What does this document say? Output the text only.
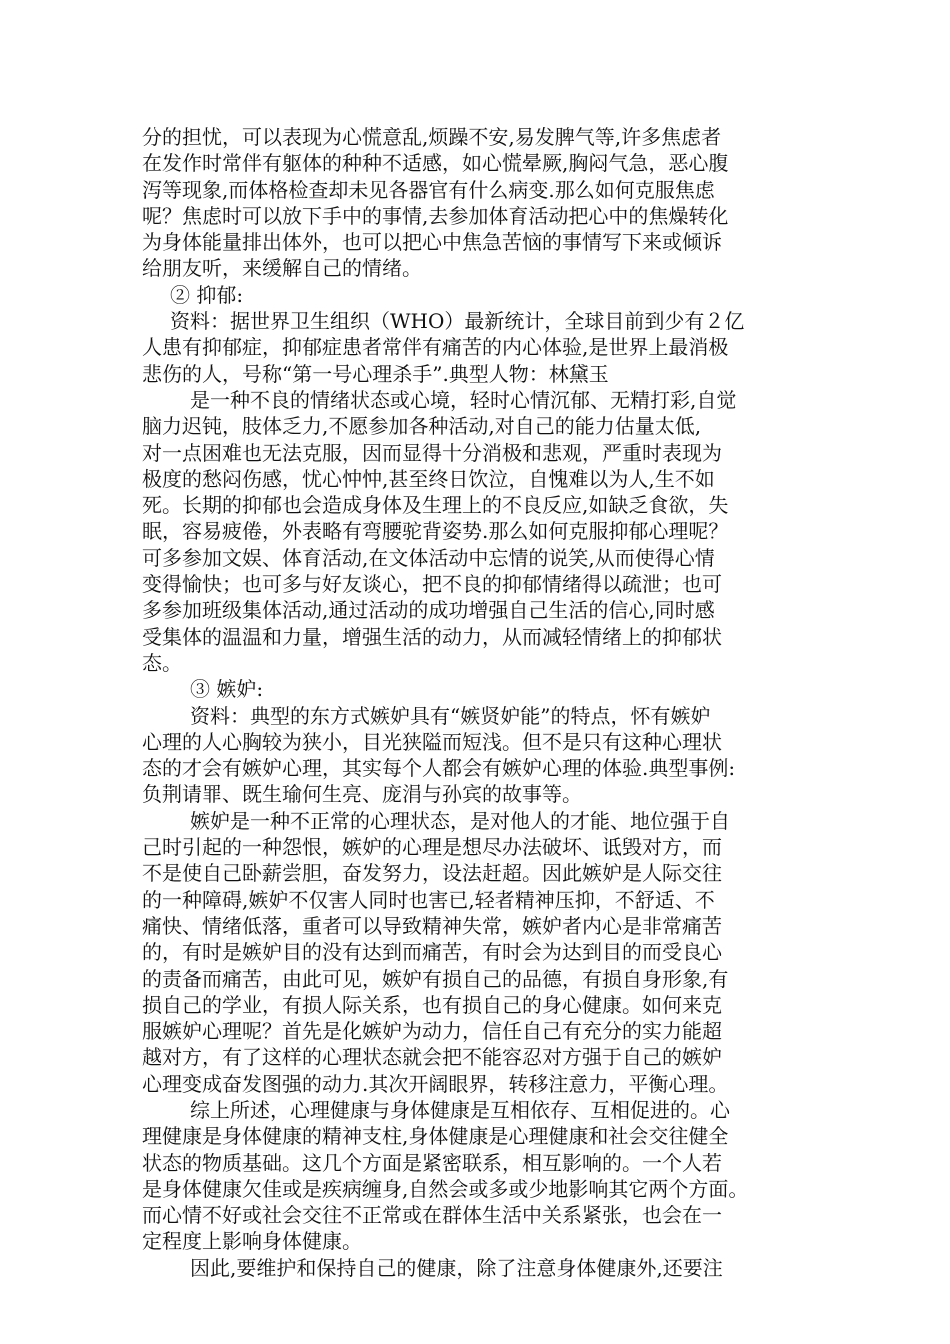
分的担忧，可以表现为心慌意乱,烦躁不安,易发脾气等,许多焦虑者
在发作时常伴有躯体的种种不适感，如心慌晕厥,胸闷气急，恶心腹
泻等现象,而体格检查却未见各器官有什么病变.那么如何克服焦虑
呢？焦虑时可以放下手中的事情,去参加体育活动把心中的焦燥转化
为身体能量排出体外，也可以把心中焦急苦恼的事情写下来或倾诉
给朋友听，来缓解自己的情绪。
② 抑郁:
资料：据世界卫生组织（WHO）最新统计，全球目前到少有２亿
人患有抑郁症，抑郁症患者常伴有痛苦的内心体验,是世界上最消极
悲伤的人，号称“第一号心理杀手”.典型人物：林黛玉
是一种不良的情绪状态或心境，轻时心情沉郁、无精打彩,自觉
脑力迟钝，肢体乏力,不愿参加各种活动,对自己的能力估量太低,
对一点困难也无法克服，因而显得十分消极和悲观，严重时表现为
极度的愁闷伤感，忧心忡忡,甚至终日饮泣，自愧难以为人,生不如
死。长期的抑郁也会造成身体及生理上的不良反应,如缺乏食欲，失
眠，容易疲倦，外表略有弯腰驼背姿势.那么如何克服抑郁心理呢？
可多参加文娱、体育活动,在文体活动中忘情的说笑,从而使得心情
变得愉快；也可多与好友谈心，把不良的抑郁情绪得以疏泄；也可
多参加班级集体活动,通过活动的成功增强自己生活的信心,同时感
受集体的温温和力量，增强生活的动力，从而减轻情绪上的抑郁状
态。
③ 嫉妒:
资料：典型的东方式嫉妒具有“嫉贤妒能”的特点，怀有嫉妒
心理的人心胸较为狭小，目光狭隘而短浅。但不是只有这种心理状
态的才会有嫉妒心理，其实每个人都会有嫉妒心理的体验.典型事例:
负荆请罪、既生瑜何生亮、庞涓与孙宾的故事等。
嫉妒是一种不正常的心理状态，是对他人的才能、地位强于自
己时引起的一种怨恨，嫉妒的心理是想尽办法破坏、诋毁对方，而
不是使自己卧薪尝胆，奋发努力，设法赶超。因此嫉妒是人际交往
的一种障碍,嫉妒不仅害人同时也害已,轻者精神压抑，不舒适、不
痛快、情绪低落，重者可以导致精神失常，嫉妒者内心是非常痛苦
的，有时是嫉妒目的没有达到而痛苦，有时会为达到目的而受良心
的责备而痛苦，由此可见，嫉妒有损自己的品德，有损自身形象,有
损自己的学业，有损人际关系，也有损自己的身心健康。如何来克
服嫉妒心理呢？首先是化嫉妒为动力，信任自己有充分的实力能超
越对方，有了这样的心理状态就会把不能容忍对方强于自己的嫉妒
心理变成奋发图强的动力.其次开阔眼界，转移注意力，平衡心理。
综上所述，心理健康与身体健康是互相依存、互相促进的。心
理健康是身体健康的精神支柱,身体健康是心理健康和社会交往健全
状态的物质基础。这几个方面是紧密联系，相互影响的。一个人若
是身体健康欠佳或是疾病缠身,自然会或多或少地影响其它两个方面。
而心情不好或社会交往不正常或在群体生活中关系紧张，也会在一
定程度上影响身体健康。
因此,要维护和保持自己的健康，除了注意身体健康外,还要注
